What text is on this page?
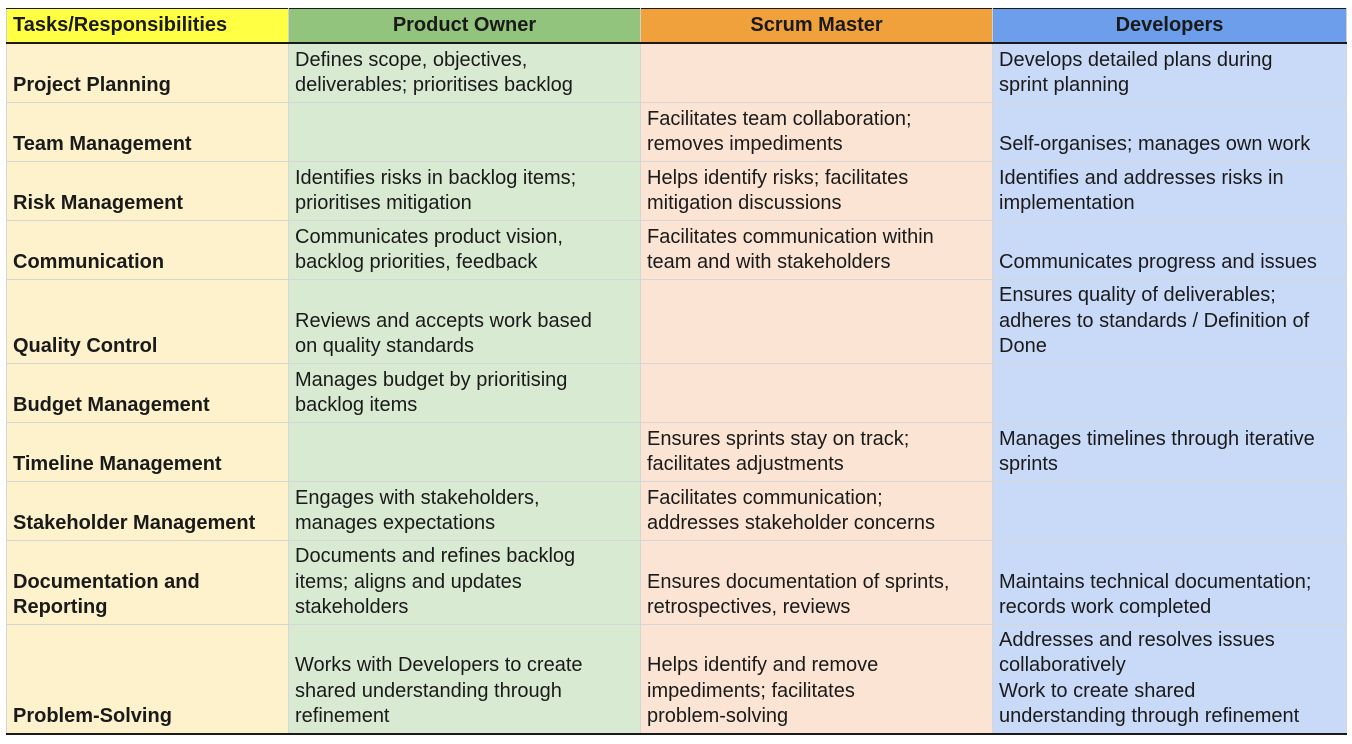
Tasks/Responsibilities	Product Owner	Scrum Master	Developers

Project Planning	Defines scope, objectives,
deliverables; prioritises backlog		Develops detailed plans during
sprint planning

Team Management		Facilitates team collaboration;
removes impediments	Self-organises; manages own work

Risk Management	Identifies risks in backlog items;
prioritises mitigation	Helps identify risks; facilitates
mitigation discussions	Identifies and addresses risks in
implementation

Communication	Communicates product vision,
backlog priorities, feedback	Facilitates communication within
team and with stakeholders	Communicates progress and issues

Quality Control	Reviews and accepts work based
on quality standards		Ensures quality of deliverables;
adheres to standards / Definition of
Done

Budget Management	Manages budget by prioritising
backlog items		

Timeline Management		Ensures sprints stay on track;
facilitates adjustments	Manages timelines through iterative
sprints

Stakeholder Management	Engages with stakeholders,
manages expectations	Facilitates communication;
addresses stakeholder concerns	

Documentation and
Reporting	Documents and refines backlog
items; aligns and updates
stakeholders	Ensures documentation of sprints,
retrospectives, reviews	Maintains technical documentation;
records work completed

Problem-Solving	Works with Developers to create
shared understanding through
refinement	Helps identify and remove
impediments; facilitates
problem-solving	Addresses and resolves issues
collaboratively
Work to create shared
understanding through refinement
